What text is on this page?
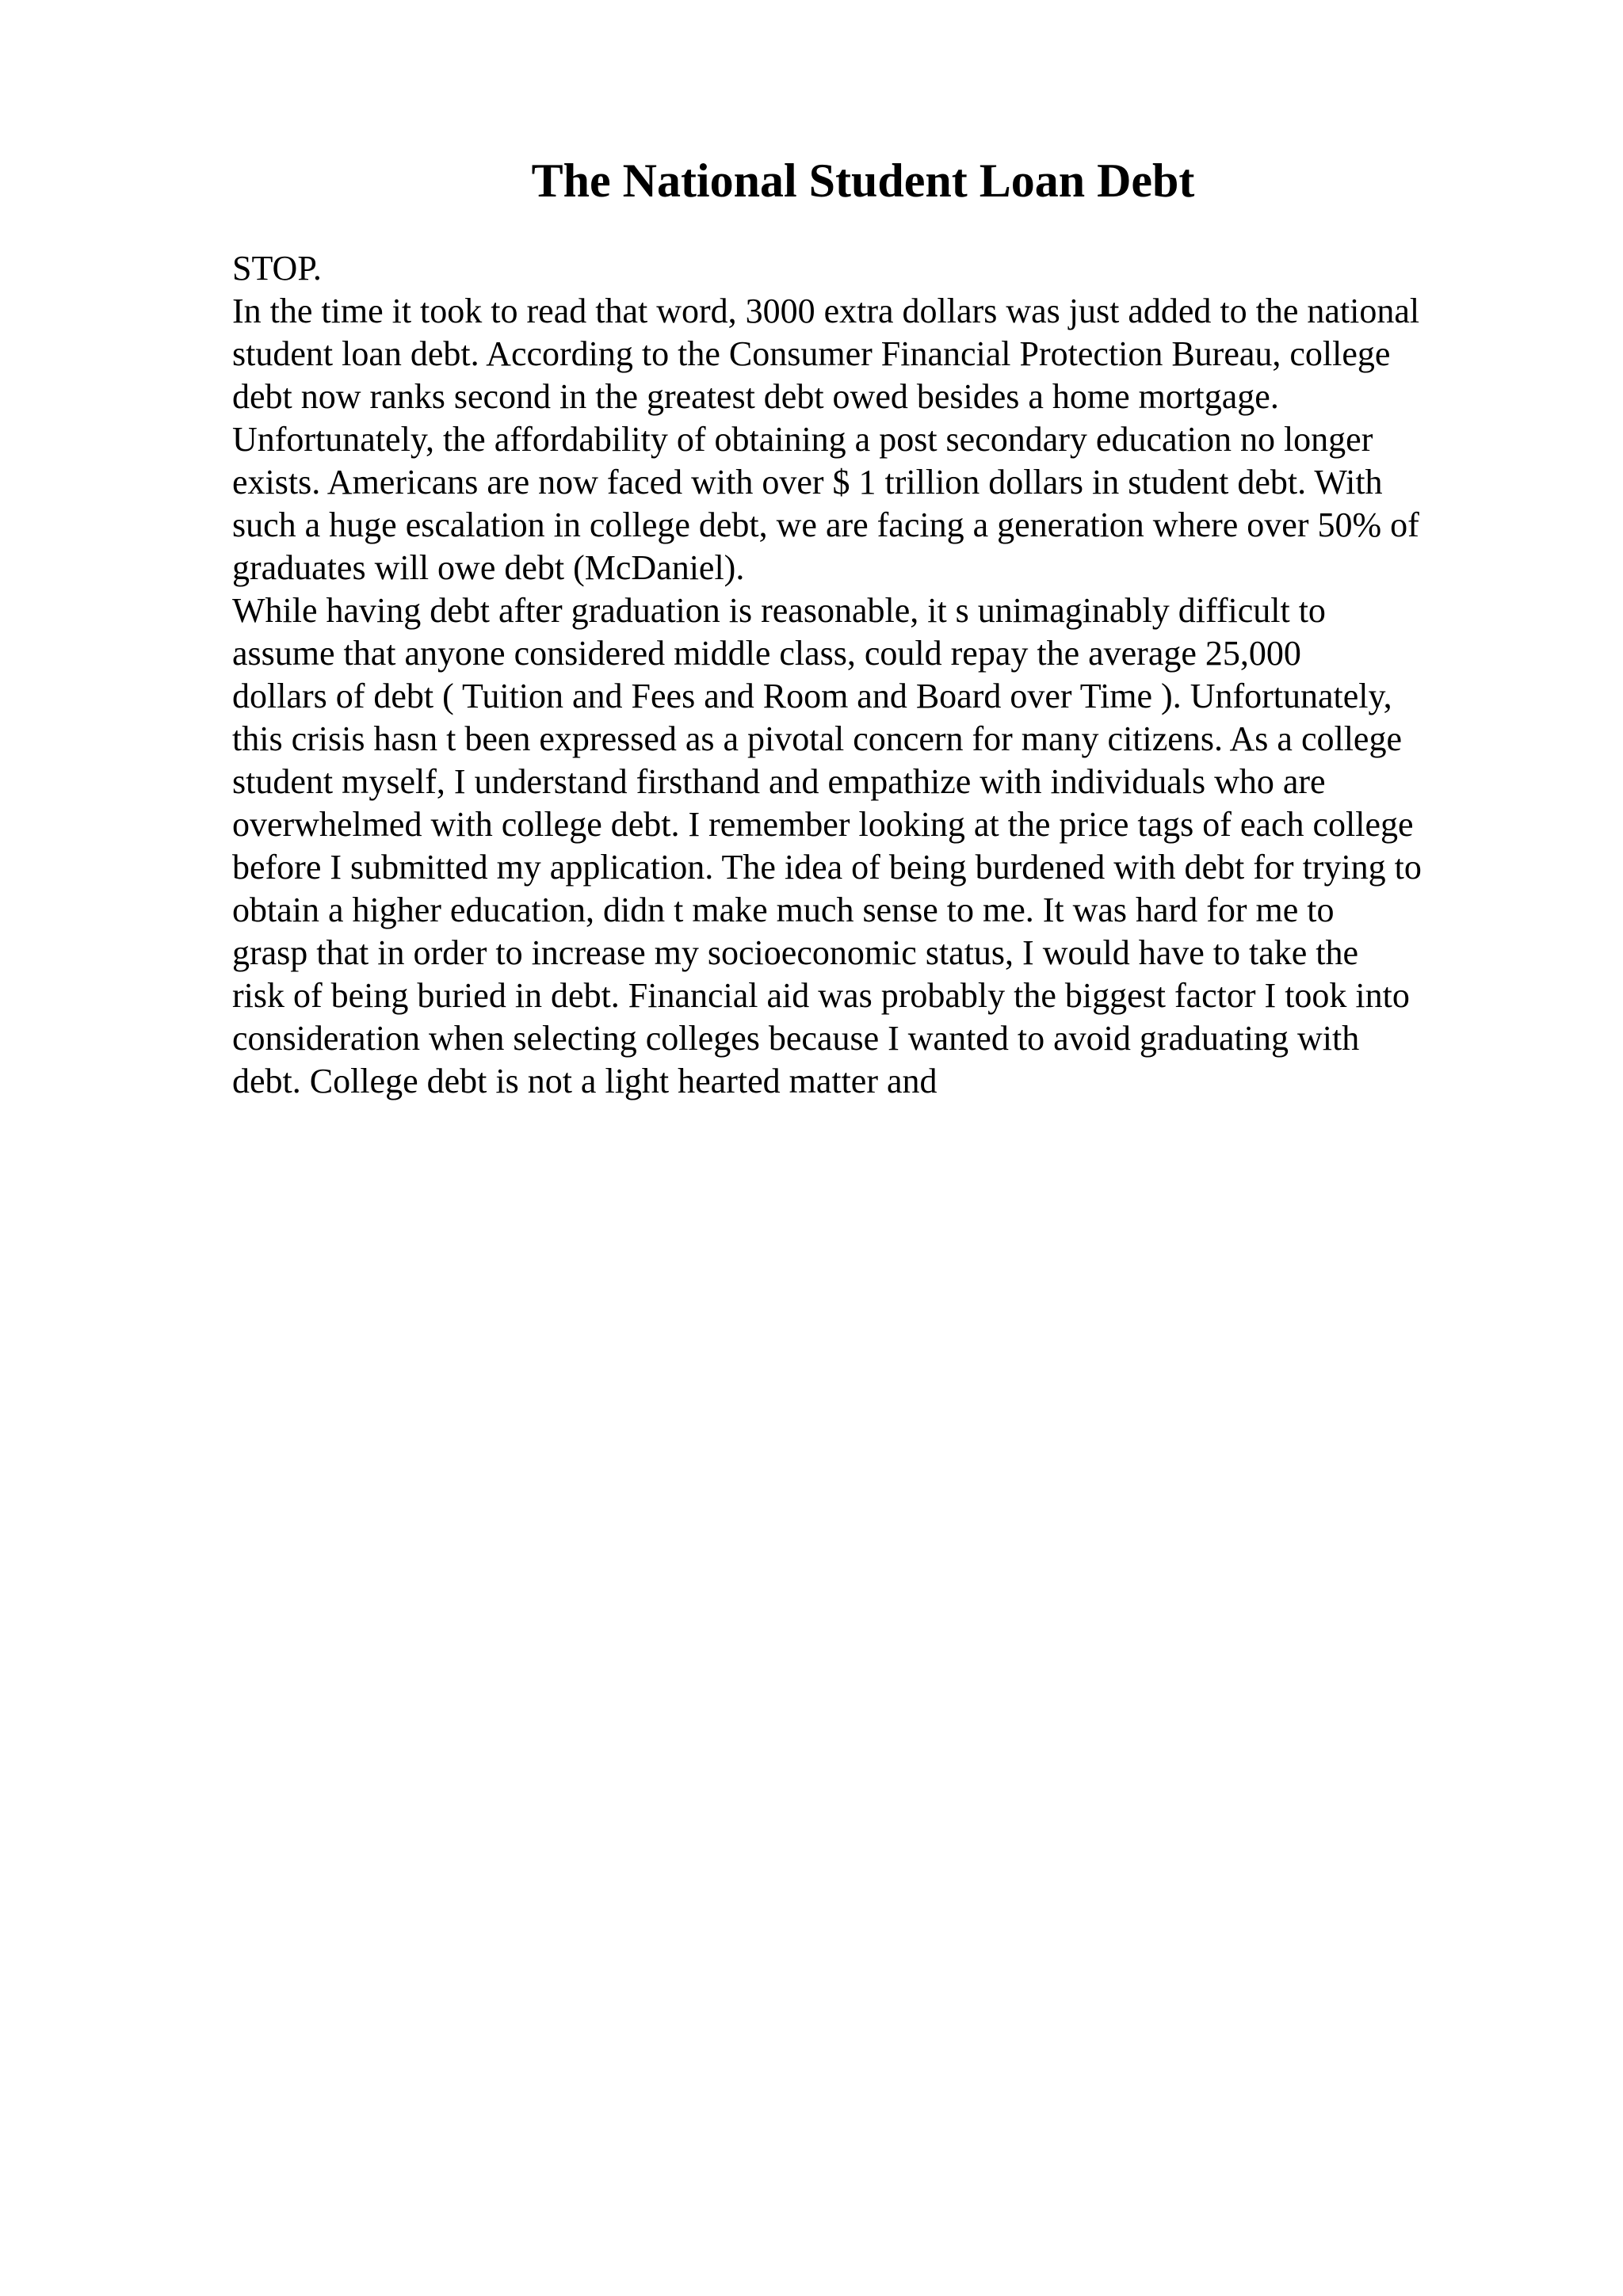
The National Student Loan Debt
STOP.
In the time it took to read that word, 3000 extra dollars was just added to the national
student loan debt. According to the Consumer Financial Protection Bureau, college
debt now ranks second in the greatest debt owed besides a home mortgage.
Unfortunately, the affordability of obtaining a post secondary education no longer
exists. Americans are now faced with over $ 1 trillion dollars in student debt. With
such a huge escalation in college debt, we are facing a generation where over 50% of
graduates will owe debt (McDaniel).
While having debt after graduation is reasonable, it s unimaginably difficult to
assume that anyone considered middle class, could repay the average 25,000
dollars of debt ( Tuition and Fees and Room and Board over Time ). Unfortunately,
this crisis hasn t been expressed as a pivotal concern for many citizens. As a college
student myself, I understand firsthand and empathize with individuals who are
overwhelmed with college debt. I remember looking at the price tags of each college
before I submitted my application. The idea of being burdened with debt for trying to
obtain a higher education, didn t make much sense to me. It was hard for me to
grasp that in order to increase my socioeconomic status, I would have to take the
risk of being buried in debt. Financial aid was probably the biggest factor I took into
consideration when selecting colleges because I wanted to avoid graduating with
debt. College debt is not a light hearted matter and
